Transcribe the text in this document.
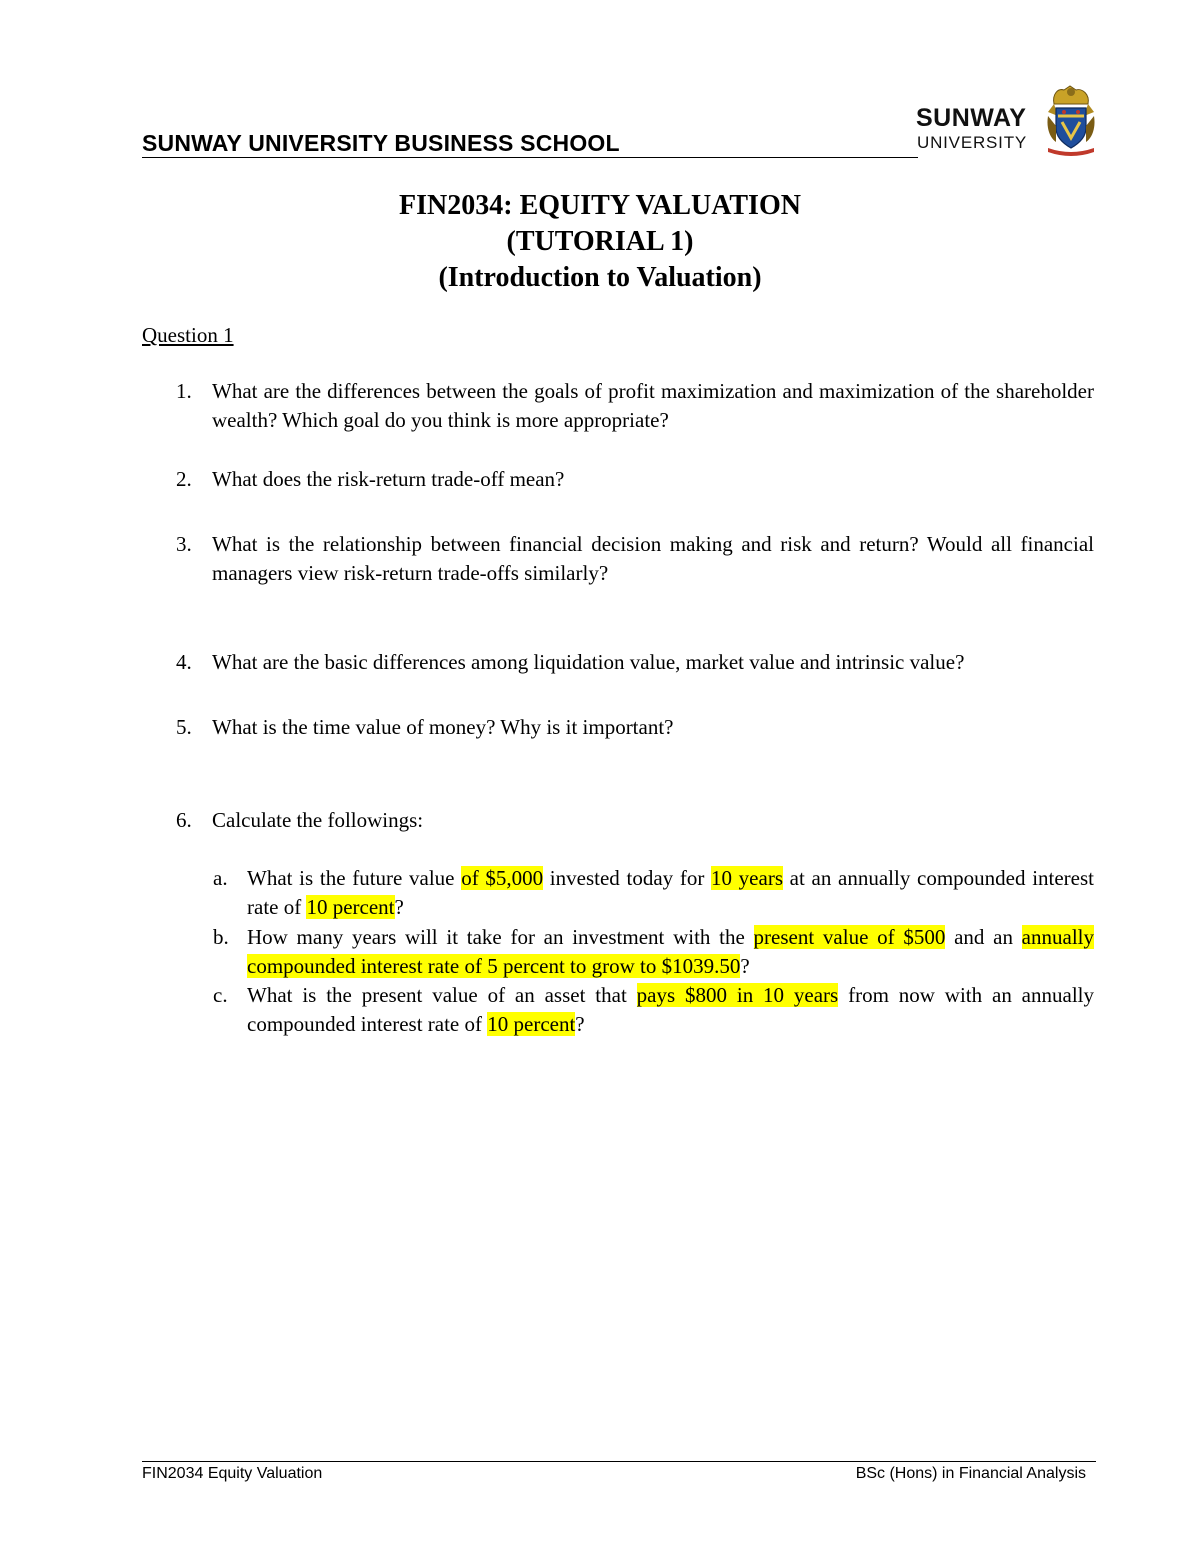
SUNWAY UNIVERSITY BUSINESS SCHOOL
SUNWAY
UNIVERSITY
FIN2034: EQUITY VALUATION
(TUTORIAL 1)
(Introduction to Valuation)
Question 1
1. What are the differences between the goals of profit maximization and maximization of the shareholder wealth? Which goal do you think is more appropriate?
2. What does the risk-return trade-off mean?
3. What is the relationship between financial decision making and risk and return? Would all financial managers view risk-return trade-offs similarly?
4. What are the basic differences among liquidation value, market value and intrinsic value?
5. What is the time value of money? Why is it important?
6. Calculate the followings:
a. What is the future value of $5,000 invested today for 10 years at an annually compounded interest rate of 10 percent?
b. How many years will it take for an investment with the present value of $500 and an annually compounded interest rate of 5 percent to grow to $1039.50?
c. What is the present value of an asset that pays $800 in 10 years from now with an annually compounded interest rate of 10 percent?
FIN2034 Equity Valuation	BSc (Hons) in Financial Analysis
